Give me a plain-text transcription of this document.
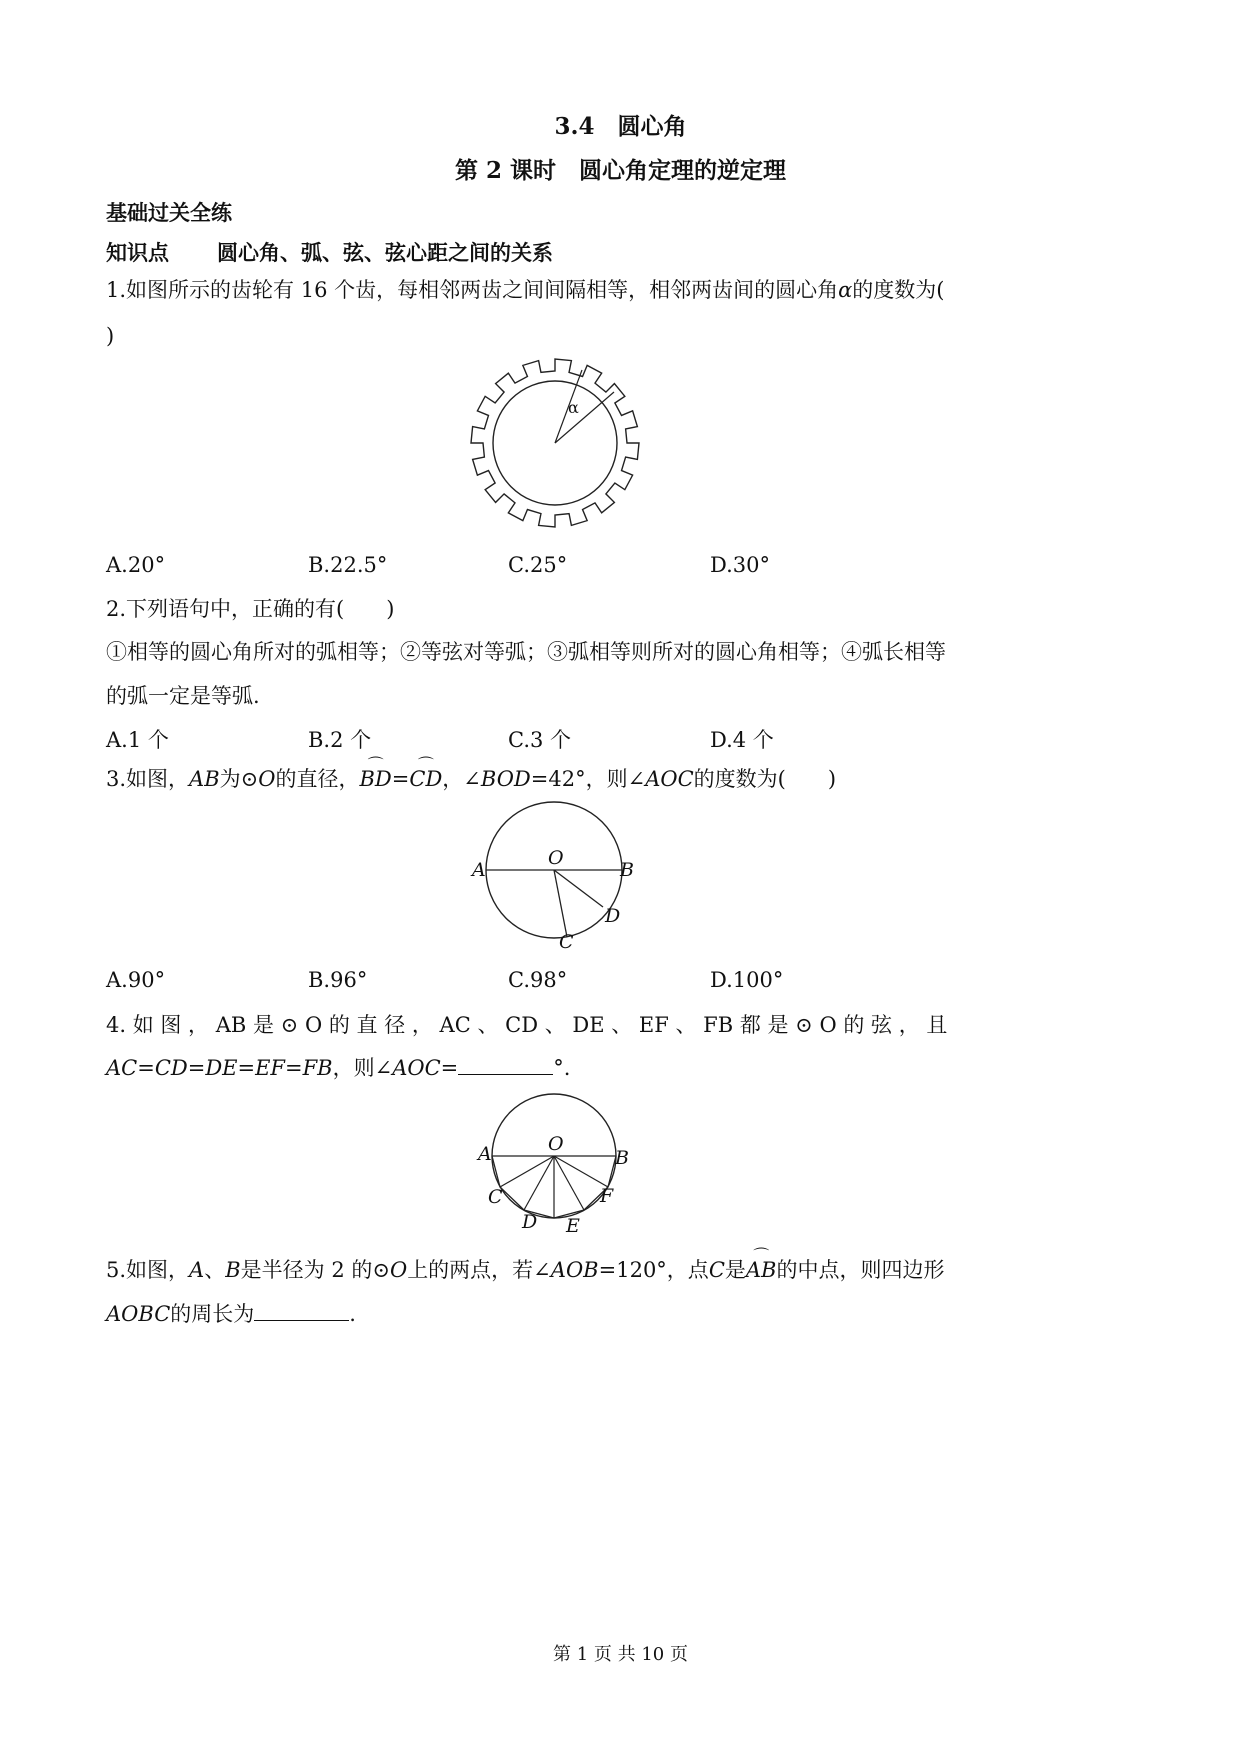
3.4　圆心角
第 2 课时　圆心角定理的逆定理
基础过关全练
知识点 圆心角、弧、弦、弦心距之间的关系
1.如图所示的齿轮有 16 个齿，每相邻两齿之间间隔相等，相邻两齿间的圆心角α的度数为(
)
α
A.20°	B.22.5°	C.25°	D.30°
2.下列语句中，正确的有(　　)
①相等的圆心角所对的弧相等；②等弦对等弧；③弧相等则所对的圆心角相等；④弧长相等
的弧一定是等弧.
A.1 个	B.2 个	C.3 个	D.4 个
3.如图，AB为⊙O的直径，⌒ BD=⌒ CD，∠BOD=42°，则∠AOC的度数为(　　)
A
O
B
D
C
A.90°	B.96°	C.98°	D.100°
4. 如 图 ， AB 是 ⊙ O 的 直 径 ， AC 、 CD 、 DE 、 EF 、 FB 都 是 ⊙ O 的 弦 ， 且
AC=CD=DE=EF=FB，则∠AOC=	°.
A	O
B
C
D E
F
5.如图，A、B是半径为 2 的⊙O上的两点，若∠AOB=120°，点C是⌒ AB的中点，则四边形
AOBC的周长为	.
第 1 页 共 10 页
